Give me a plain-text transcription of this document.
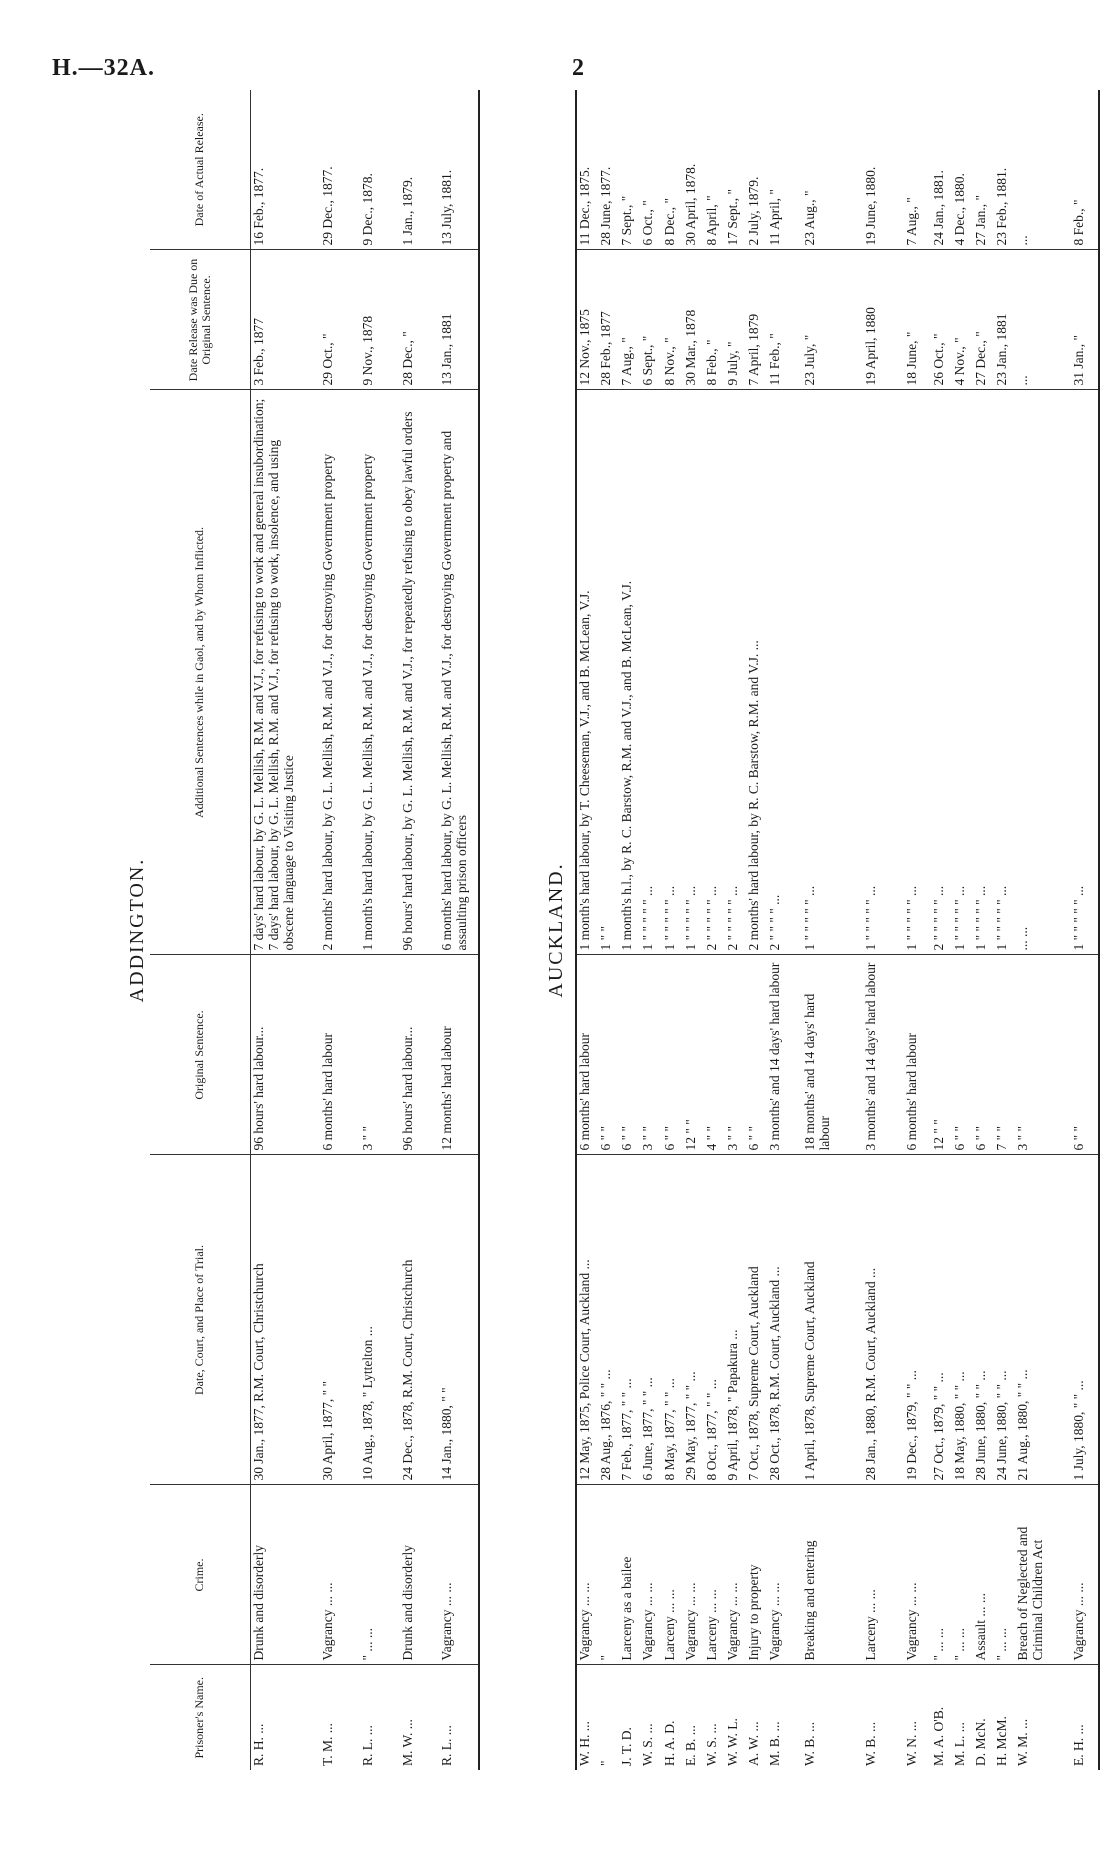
H.—32A.	2
ADDINGTON.
Prisoner's Name.	Crime.	Date, Court, and Place of Trial.	Original Sentence.	Additional Sentences while in Gaol, and by Whom Inflicted.	Date Release was Due on Original Sentence.	Date of Actual Release.
R. H. ...	Drunk and disorderly	30 Jan., 1877, R.M. Court, Christchurch	96 hours' hard labour...	7 days' hard labour, by G. L. Mellish, R.M. and V.J., for refusing to work and general insubordination; 7 days' hard labour, by G. L. Mellish, R.M. and V.J., for refusing to work, insolence, and using obscene language to Visiting Justice	3 Feb., 1877	16 Feb., 1877.
T. M. ...	Vagrancy ... ...	30 April, 1877, " "	6 months' hard labour	2 months' hard labour, by G. L. Mellish, R.M. and V.J., for destroying Government property	29 Oct., "	29 Dec., 1877.
R. L. ...	" ... ...	10 Aug., 1878, " Lyttelton ...	3 " "	1 month's hard labour, by G. L. Mellish, R.M. and V.J., for destroying Government property	9 Nov., 1878	9 Dec., 1878.
M. W. ...	Drunk and disorderly	24 Dec., 1878, R.M. Court, Christchurch	96 hours' hard labour...	96 hours' hard labour, by G. L. Mellish, R.M. and V.J., for repeatedly refusing to obey lawful orders	28 Dec., "	1 Jan., 1879.
R. L. ...	Vagrancy ... ...	14 Jan., 1880, " "	12 months' hard labour	6 months' hard labour, by G. L. Mellish, R.M. and V.J., for destroying Government property and assaulting prison officers	13 Jan., 1881	13 July, 1881.
AUCKLAND.
W. H. ...	Vagrancy ... ...	12 May, 1875, Police Court, Auckland ...	6 months' hard labour	1 month's hard labour, by T. Cheeseman, V.J., and B. McLean, V.J.	12 Nov., 1875	11 Dec., 1875.
"	"	28 Aug., 1876, " " ...	6 " "	1 " "	28 Feb., 1877	28 June, 1877.
J. T. D.	Larceny as a bailee	7 Feb., 1877, " " ...	6 " "	1 month's h.l., by R. C. Barstow, R.M. and V.J., and B. McLean, V.J.	7 Aug., "	7 Sept., "
W. S. ...	Vagrancy ... ...	6 June, 1877, " " ...	3 " "	1 " " " " " ...	6 Sept., "	6 Oct., "
H. A. D.	Larceny ... ...	8 May, 1877, " " ...	6 " "	1 " " " " " ...	8 Nov., "	8 Dec., "
E. B. ...	Vagrancy ... ...	29 May, 1877, " " ...	12 " "	1 " " " " " ...	30 Mar., 1878	30 April, 1878.
W. S. ...	Larceny ... ...	8 Oct., 1877, " " ...	4 " "	2 " " " " " ...	8 Feb., "	8 April, "
W. W. L.	Vagrancy ... ...	9 April, 1878, " Papakura ...	3 " "	2 " " " " " ...	9 July, "	17 Sept., "
A. W. ...	Injury to property	7 Oct., 1878, Supreme Court, Auckland	6 " "	2 months' hard labour, by R. C. Barstow, R.M. and V.J. ...	7 April, 1879	2 July, 1879.
M. B. ...	Vagrancy ... ...	28 Oct., 1878, R.M. Court, Auckland ...	3 months' and 14 days' hard labour	2 " " " " ...	11 Feb., "	11 April, "
W. B. ...	Breaking and entering	1 April, 1878, Supreme Court, Auckland	18 months' and 14 days' hard labour	1 " " " " " ...	23 July, "	23 Aug., "
W. B. ...	Larceny ... ...	28 Jan., 1880, R.M. Court, Auckland ...	3 months' and 14 days' hard labour	1 " " " " " ...	19 April, 1880	19 June, 1880.
W. N. ...	Vagrancy ... ...	19 Dec., 1879, " " ...	6 months' hard labour	1 " " " " " ...	18 June, "	7 Aug., "
M. A. O'B.	" ... ...	27 Oct., 1879, " " ...	12 " "	2 " " " " " ...	26 Oct., "	24 Jan., 1881.
M. L. ...	" ... ...	18 May, 1880, " " ...	6 " "	1 " " " " " ...	4 Nov., "	4 Dec., 1880.
D. McN.	Assault ... ...	28 June, 1880, " " ...	6 " "	1 " " " " " ...	27 Dec., "	27 Jan., "
H. McM.	" ... ...	24 June, 1880, " " ...	7 " "	1 " " " " " ...	23 Jan., 1881	23 Feb., 1881.
W. M. ...	Breach of Neglected and Criminal Children Act	21 Aug., 1880, " " ...	3 " "	... ...	...	...
E. H. ...	Vagrancy ... ...	1 July, 1880, " " ...	6 " "	1 " " " " " ...	31 Jan., "	8 Feb., "
